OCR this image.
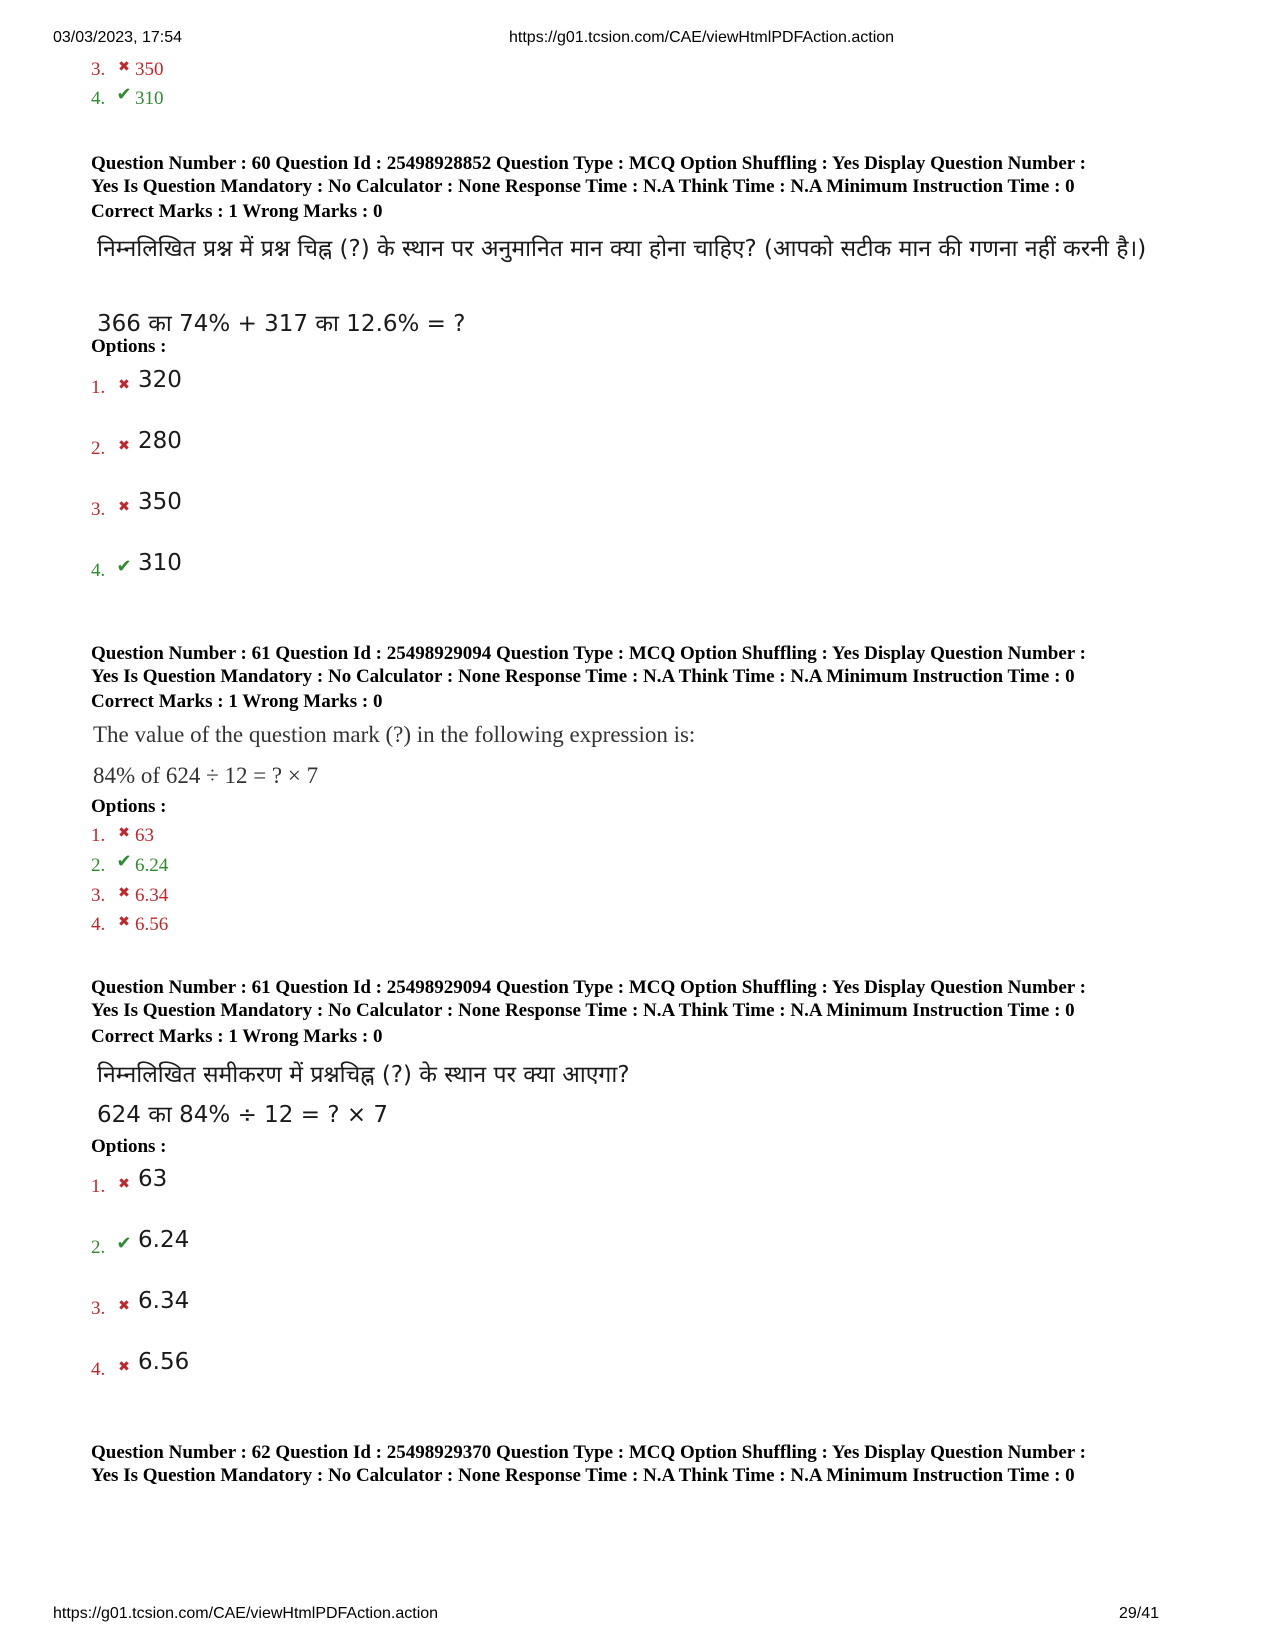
03/03/2023, 17:54	https://g01.tcsion.com/CAE/viewHtmlPDFAction.action
3. ✖ 350
4. ✔ 310
Question Number : 60 Question Id : 25498928852 Question Type : MCQ Option Shuffling : Yes Display Question Number :
Yes Is Question Mandatory : No Calculator : None Response Time : N.A Think Time : N.A Minimum Instruction Time : 0
Correct Marks : 1 Wrong Marks : 0
निम्नलिखित प्रश्न में प्रश्न चिह्न (?) के स्थान पर अनुमानित मान क्या होना चाहिए? (आपको सटीक मान की गणना नहीं करनी है।)
366 का 74% + 317 का 12.6% = ?
Options :
1. ✖ 320
2. ✖ 280
3. ✖ 350
4. ✔ 310
Question Number : 61 Question Id : 25498929094 Question Type : MCQ Option Shuffling : Yes Display Question Number :
Yes Is Question Mandatory : No Calculator : None Response Time : N.A Think Time : N.A Minimum Instruction Time : 0
Correct Marks : 1 Wrong Marks : 0
The value of the question mark (?) in the following expression is:
84% of 624 ÷ 12 = ? × 7
Options :
1. ✖ 63
2. ✔ 6.24
3. ✖ 6.34
4. ✖ 6.56
Question Number : 61 Question Id : 25498929094 Question Type : MCQ Option Shuffling : Yes Display Question Number :
Yes Is Question Mandatory : No Calculator : None Response Time : N.A Think Time : N.A Minimum Instruction Time : 0
Correct Marks : 1 Wrong Marks : 0
निम्नलिखित समीकरण में प्रश्नचिह्न (?) के स्थान पर क्या आएगा?
624 का 84% ÷ 12 = ? × 7
Options :
1. ✖ 63
2. ✔ 6.24
3. ✖ 6.34
4. ✖ 6.56
Question Number : 62 Question Id : 25498929370 Question Type : MCQ Option Shuffling : Yes Display Question Number :
Yes Is Question Mandatory : No Calculator : None Response Time : N.A Think Time : N.A Minimum Instruction Time : 0
https://g01.tcsion.com/CAE/viewHtmlPDFAction.action	29/41
